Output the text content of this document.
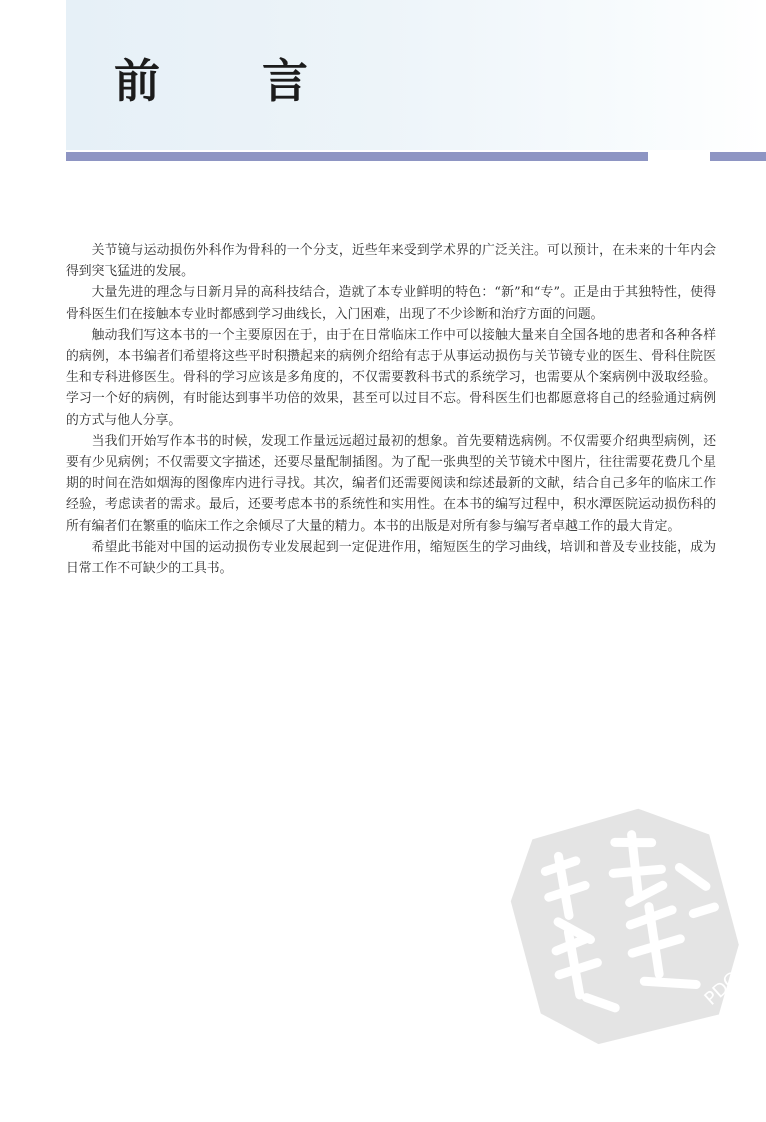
前　言

关节镜与运动损伤外科作为骨科的一个分支，近些年来受到学术界的广泛关注。可以预计，在未来的十年内会得到突飞猛进的发展。

大量先进的理念与日新月异的高科技结合，造就了本专业鲜明的特色：“新”和“专”。正是由于其独特性，使得骨科医生们在接触本专业时都感到学习曲线长，入门困难，出现了不少诊断和治疗方面的问题。

触动我们写这本书的一个主要原因在于，由于在日常临床工作中可以接触大量来自全国各地的患者和各种各样的病例，本书编者们希望将这些平时积攒起来的病例介绍给有志于从事运动损伤与关节镜专业的医生、骨科住院医生和专科进修医生。骨科的学习应该是多角度的，不仅需要教科书式的系统学习，也需要从个案病例中汲取经验。学习一个好的病例，有时能达到事半功倍的效果，甚至可以过目不忘。骨科医生们也都愿意将自己的经验通过病例的方式与他人分享。

当我们开始写作本书的时候，发现工作量远远超过最初的想象。首先要精选病例。不仅需要介绍典型病例，还要有少见病例；不仅需要文字描述，还要尽量配制插图。为了配一张典型的关节镜术中图片，往往需要花费几个星期的时间在浩如烟海的图像库内进行寻找。其次，编者们还需要阅读和综述最新的文献，结合自己多年的临床工作经验，考虑读者的需求。最后，还要考虑本书的系统性和实用性。在本书的编写过程中，积水潭医院运动损伤科的所有编者们在繁重的临床工作之余倾尽了大量的精力。本书的出版是对所有参与编写者卓越工作的最大肯定。

希望此书能对中国的运动损伤专业发展起到一定促进作用，缩短医生的学习曲线，培训和普及专业技能，成为日常工作不可缺少的工具书。

PDG
